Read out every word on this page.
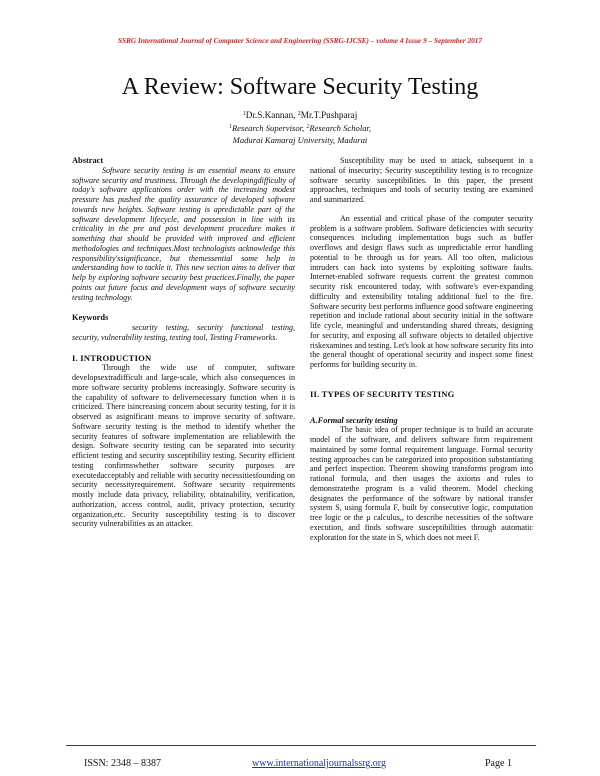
SSRG International Journal of Computer Science and Engineering (SSRG-IJCSE) – volume 4 Issue 9 – September 2017
A Review: Software Security Testing
$^1$Dr.S.Kannan, $^2$Mr.T.Pushparaj
$^1$Research Supervisor, $^2$Research Scholar,
Madurai Kamaraj University, Madurai

Abstract

Software security testing is an essential means to ensure software security and trustiness. Through the developingdifficulty of today's software applications order with the increasing modest pressure has pushed the quality assurance of developed software towards new heights. Software testing is apredictable part of the software development lifecycle, and possession in line with its criticality in the pre and post development procedure makes it something that should be provided with improved and efficient methodologies and techniques.Most technologists acknowledge this responsibility'ssignificance, but themessential some help in understanding how to tackle it. This new section aims to deliver that help by exploring software security best practices.Finally, the paper points out future focus and development ways of software security testing technology.

Keywords

security testing, security functional testing, security, vulnerability testing, testing tool, Testing Frameworks.

I. INTRODUCTION

Through the wide use of computer, software developsextradifficult and large-scale, which also consequences in more software security problems increasingly. Software security is the capability of software to delivernecessary function when it is criticized. There isincreasing concern about security testing, for it is observed as asignificant means to improve security of software. Software security testing is the method to identify whether the security features of software implementation are reliablewith the design. Software security testing can be separated into security efficient testing and security susceptibility testing. Security efficient testing confirmswhether software security purposes are executedacceptably and reliable with security necessitiesfounding on security necessityrequirement. Software security requirements mostly include data privacy, reliability, obtainability, verification, authorization, access control, audit, privacy protection, security organization,etc. Security susceptibility testing is to discover security vulnerabilities as an attacker.

Susceptibility may be used to attack, subsequent in a national of insecurity; Security susceptibility testing is to recognize software security susceptibilities. In this paper, the present approaches, techniques and tools of security testing are examined and summarized.

An essential and critical phase of the computer security problem is a software problem. Software deficiencies with security consequences including implementation bugs such as buffer overflows and design flaws such as unpredictable error handling potential to be through us for years. All too often, malicious intruders can hack into systems by exploiting software faults. Internet-enabled software requests current the greatest common security risk encountered today, with software's ever-expanding difficulty and extensibility totaling additional fuel to the fire. Software security best performs influence good software engineering repetition and include rational about security initial in the software life cycle, meaningful and understanding shared threats, designing for security, and exposing all software objects to detailed objective riskexamines and testing. Let's look at how software security fits into the general thought of operational security and inspect some finest performs for building security in.

II. TYPES OF SECURITY TESTING

A.Formal security testing

The basic idea of proper technique is to build an accurate model of the software, and delivers software form requirement maintained by some formal requirement language. Formal security testing approaches can be categorized into proposition substantiating and perfect inspection. Theorem showing transforms program into rational formula, and then usages the axioms and rules to demonstratethe program is a valid theorem. Model checking designates the performance of the software by national transfer system S, using formula F, built by consecutive logic, computation tree logic or the μ calculus,, to describe necessities of the software execution, and finds software susceptibilities through automatic exploration for the state in S, which does not meet F.

ISSN: 2348 – 8387	www.internationaljournalssrg.org	Page 1
